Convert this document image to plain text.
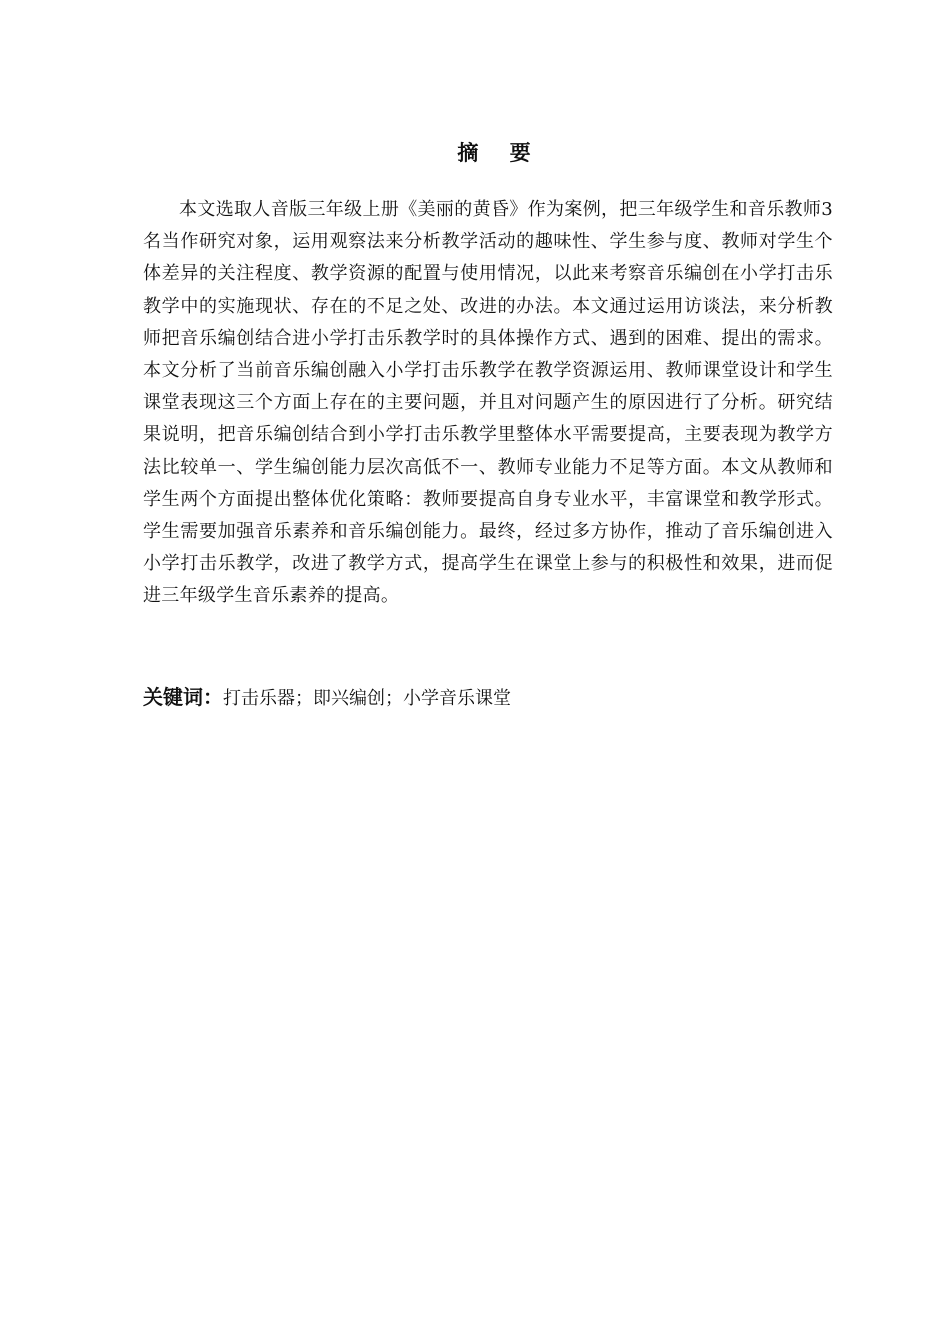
摘 要

本文选取人音版三年级上册《美丽的黄昏》作为案例，把三年级学生和音乐教师3名当作研究对象，运用观察法来分析教学活动的趣味性、学生参与度、教师对学生个体差异的关注程度、教学资源的配置与使用情况，以此来考察音乐编创在小学打击乐教学中的实施现状、存在的不足之处、改进的办法。本文通过运用访谈法，来分析教师把音乐编创结合进小学打击乐教学时的具体操作方式、遇到的困难、提出的需求。本文分析了当前音乐编创融入小学打击乐教学在教学资源运用、教师课堂设计和学生课堂表现这三个方面上存在的主要问题，并且对问题产生的原因进行了分析。研究结果说明，把音乐编创结合到小学打击乐教学里整体水平需要提高，主要表现为教学方法比较单一、学生编创能力层次高低不一、教师专业能力不足等方面。本文从教师和学生两个方面提出整体优化策略：教师要提高自身专业水平，丰富课堂和教学形式。学生需要加强音乐素养和音乐编创能力。最终，经过多方协作，推动了音乐编创进入小学打击乐教学，改进了教学方式，提高学生在课堂上参与的积极性和效果，进而促进三年级学生音乐素养的提高。

关键词：打击乐器；即兴编创；小学音乐课堂
